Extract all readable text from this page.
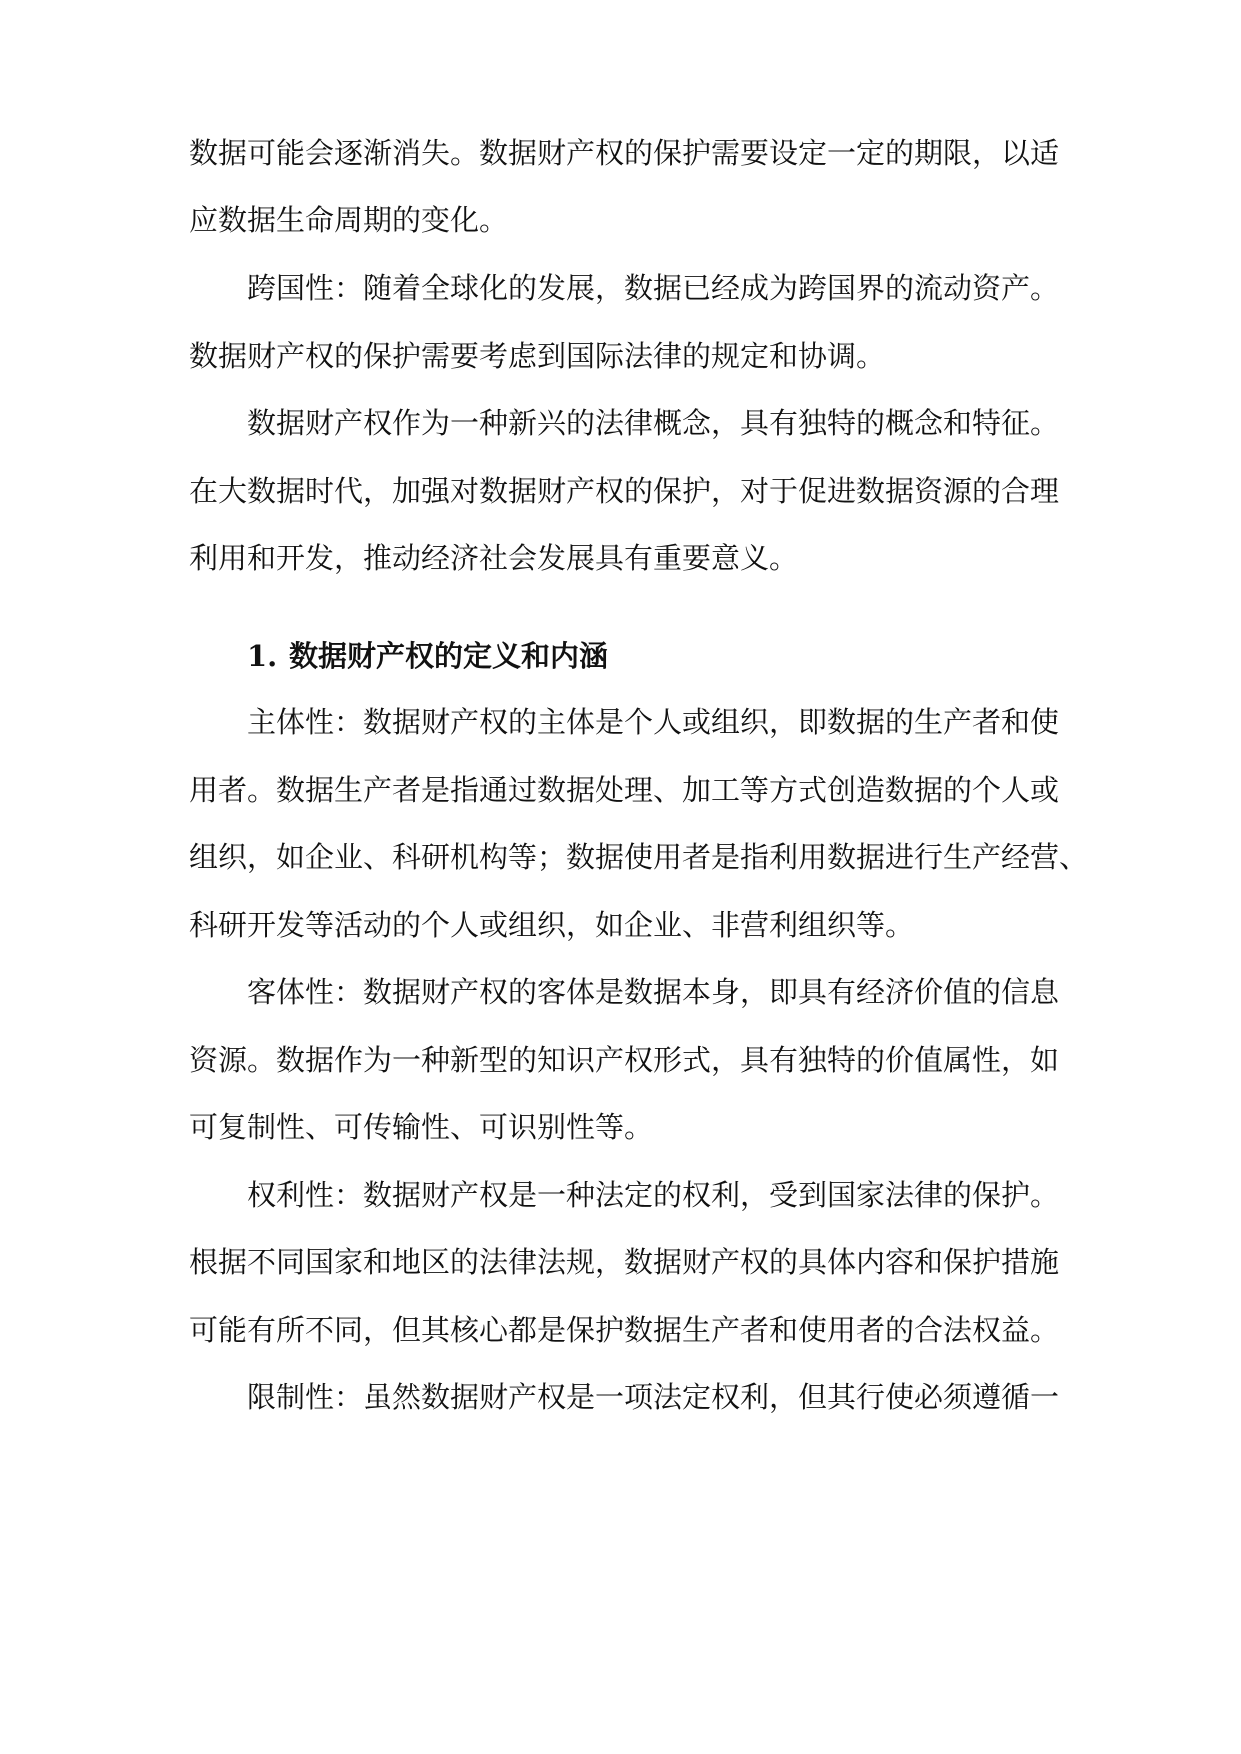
数据可能会逐渐消失。数据财产权的保护需要设定一定的期限，以适
应数据生命周期的变化。
跨国性：随着全球化的发展，数据已经成为跨国界的流动资产。
数据财产权的保护需要考虑到国际法律的规定和协调。
数据财产权作为一种新兴的法律概念，具有独特的概念和特征。
在大数据时代，加强对数据财产权的保护，对于促进数据资源的合理
利用和开发，推动经济社会发展具有重要意义。
1. 数据财产权的定义和内涵
主体性：数据财产权的主体是个人或组织，即数据的生产者和使
用者。数据生产者是指通过数据处理、加工等方式创造数据的个人或
组织，如企业、科研机构等；数据使用者是指利用数据进行生产经营、
科研开发等活动的个人或组织，如企业、非营利组织等。
客体性：数据财产权的客体是数据本身，即具有经济价值的信息
资源。数据作为一种新型的知识产权形式，具有独特的价值属性，如
可复制性、可传输性、可识别性等。
权利性：数据财产权是一种法定的权利，受到国家法律的保护。
根据不同国家和地区的法律法规，数据财产权的具体内容和保护措施
可能有所不同，但其核心都是保护数据生产者和使用者的合法权益。
限制性：虽然数据财产权是一项法定权利，但其行使必须遵循一
